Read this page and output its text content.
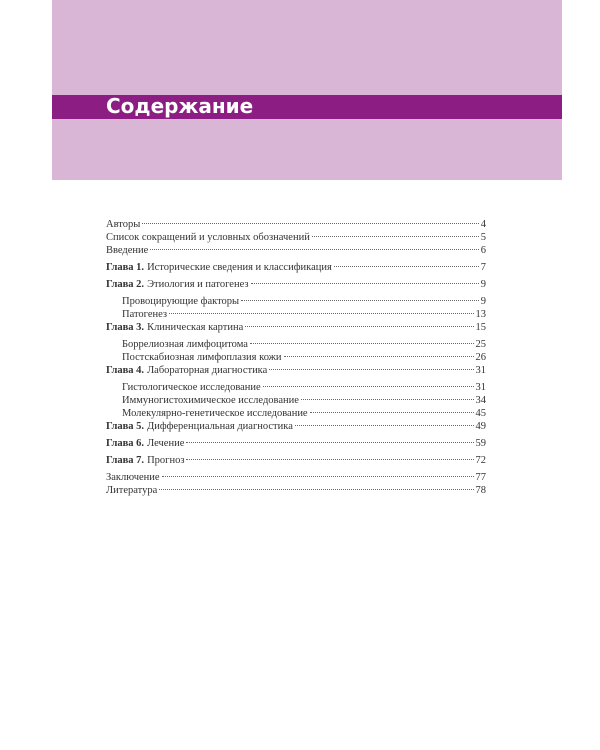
Содержание
Авторы	4
Список сокращений и условных обозначений	5
Введение	6
Глава 1. Исторические сведения и классификация	7
Глава 2. Этиология и патогенез	9
Провоцирующие факторы	9
Патогенез	13
Глава 3. Клиническая картина	15
Боррелиозная лимфоцитома	25
Постскабиозная лимфоплазия кожи	26
Глава 4. Лабораторная диагностика	31
Гистологическое исследование	31
Иммуногистохимическое исследование	34
Молекулярно-генетическое исследование	45
Глава 5. Дифференциальная диагностика	49
Глава 6. Лечение	59
Глава 7. Прогноз	72
Заключение	77
Литература	78
